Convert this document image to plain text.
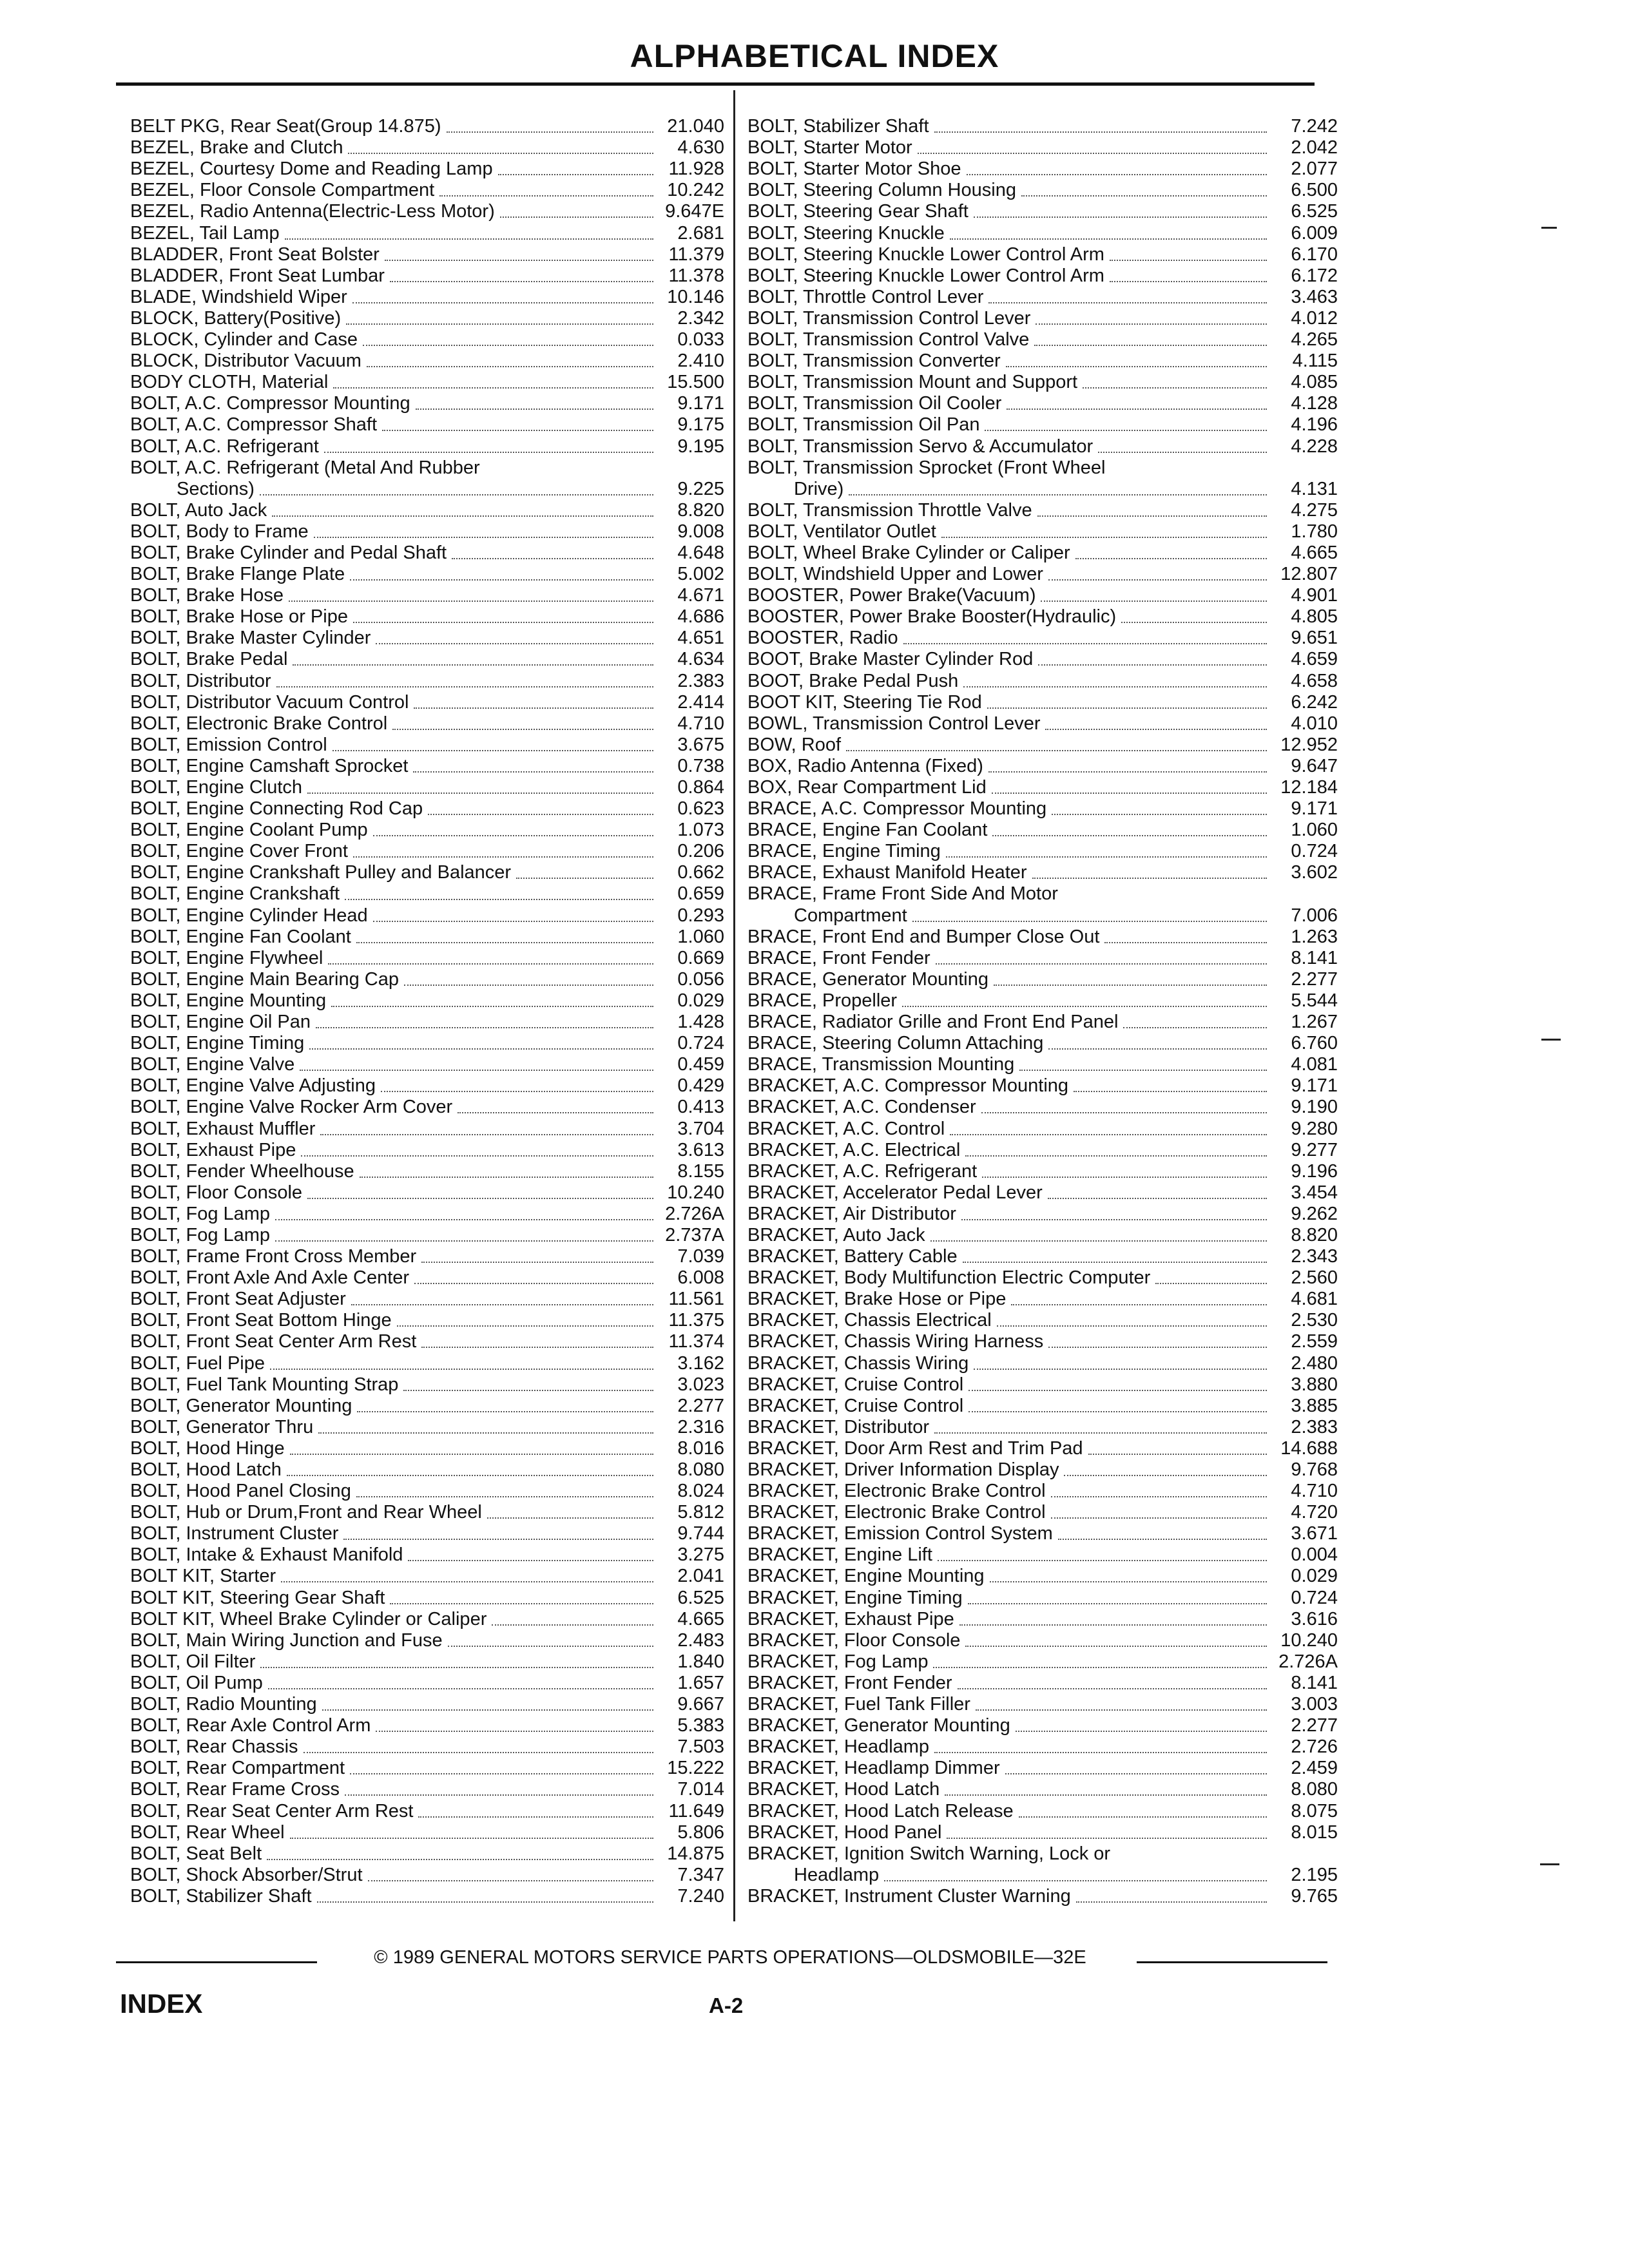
ALPHABETICAL INDEX
BELT PKG, Rear Seat(Group 14.875)	21.040
BEZEL, Brake and Clutch	4.630
BEZEL, Courtesy Dome and Reading Lamp	11.928
BEZEL, Floor Console Compartment	10.242
BEZEL, Radio Antenna(Electric-Less Motor)	9.647E
BEZEL, Tail Lamp	2.681
BLADDER, Front Seat Bolster	11.379
BLADDER, Front Seat Lumbar	11.378
BLADE, Windshield Wiper	10.146
BLOCK, Battery(Positive)	2.342
BLOCK, Cylinder and Case	0.033
BLOCK, Distributor Vacuum	2.410
BODY CLOTH, Material	15.500
BOLT, A.C. Compressor Mounting	9.171
BOLT, A.C. Compressor Shaft	9.175
BOLT, A.C. Refrigerant	9.195
BOLT, A.C. Refrigerant (Metal And Rubber
Sections)	9.225
BOLT, Auto Jack	8.820
BOLT, Body to Frame	9.008
BOLT, Brake Cylinder and Pedal Shaft	4.648
BOLT, Brake Flange Plate	5.002
BOLT, Brake Hose	4.671
BOLT, Brake Hose or Pipe	4.686
BOLT, Brake Master Cylinder	4.651
BOLT, Brake Pedal	4.634
BOLT, Distributor	2.383
BOLT, Distributor Vacuum Control	2.414
BOLT, Electronic Brake Control	4.710
BOLT, Emission Control	3.675
BOLT, Engine Camshaft Sprocket	0.738
BOLT, Engine Clutch	0.864
BOLT, Engine Connecting Rod Cap	0.623
BOLT, Engine Coolant Pump	1.073
BOLT, Engine Cover Front	0.206
BOLT, Engine Crankshaft Pulley and Balancer	0.662
BOLT, Engine Crankshaft	0.659
BOLT, Engine Cylinder Head	0.293
BOLT, Engine Fan Coolant	1.060
BOLT, Engine Flywheel	0.669
BOLT, Engine Main Bearing Cap	0.056
BOLT, Engine Mounting	0.029
BOLT, Engine Oil Pan	1.428
BOLT, Engine Timing	0.724
BOLT, Engine Valve	0.459
BOLT, Engine Valve Adjusting	0.429
BOLT, Engine Valve Rocker Arm Cover	0.413
BOLT, Exhaust Muffler	3.704
BOLT, Exhaust Pipe	3.613
BOLT, Fender Wheelhouse	8.155
BOLT, Floor Console	10.240
BOLT, Fog Lamp	2.726A
BOLT, Fog Lamp	2.737A
BOLT, Frame Front Cross Member	7.039
BOLT, Front Axle And Axle Center	6.008
BOLT, Front Seat Adjuster	11.561
BOLT, Front Seat Bottom Hinge	11.375
BOLT, Front Seat Center Arm Rest	11.374
BOLT, Fuel Pipe	3.162
BOLT, Fuel Tank Mounting Strap	3.023
BOLT, Generator Mounting	2.277
BOLT, Generator Thru	2.316
BOLT, Hood Hinge	8.016
BOLT, Hood Latch	8.080
BOLT, Hood Panel Closing	8.024
BOLT, Hub or Drum,Front and Rear Wheel	5.812
BOLT, Instrument Cluster	9.744
BOLT, Intake & Exhaust Manifold	3.275
BOLT KIT, Starter	2.041
BOLT KIT, Steering Gear Shaft	6.525
BOLT KIT, Wheel Brake Cylinder or Caliper	4.665
BOLT, Main Wiring Junction and Fuse	2.483
BOLT, Oil Filter	1.840
BOLT, Oil Pump	1.657
BOLT, Radio Mounting	9.667
BOLT, Rear Axle Control Arm	5.383
BOLT, Rear Chassis	7.503
BOLT, Rear Compartment	15.222
BOLT, Rear Frame Cross	7.014
BOLT, Rear Seat Center Arm Rest	11.649
BOLT, Rear Wheel	5.806
BOLT, Seat Belt	14.875
BOLT, Shock Absorber/Strut	7.347
BOLT, Stabilizer Shaft	7.240
BOLT, Stabilizer Shaft	7.242
BOLT, Starter Motor	2.042
BOLT, Starter Motor Shoe	2.077
BOLT, Steering Column Housing	6.500
BOLT, Steering Gear Shaft	6.525
BOLT, Steering Knuckle	6.009
BOLT, Steering Knuckle Lower Control Arm	6.170
BOLT, Steering Knuckle Lower Control Arm	6.172
BOLT, Throttle Control Lever	3.463
BOLT, Transmission Control Lever	4.012
BOLT, Transmission Control Valve	4.265
BOLT, Transmission Converter	4.115
BOLT, Transmission Mount and Support	4.085
BOLT, Transmission Oil Cooler	4.128
BOLT, Transmission Oil Pan	4.196
BOLT, Transmission Servo & Accumulator	4.228
BOLT, Transmission Sprocket (Front Wheel
Drive)	4.131
BOLT, Transmission Throttle Valve	4.275
BOLT, Ventilator Outlet	1.780
BOLT, Wheel Brake Cylinder or Caliper	4.665
BOLT, Windshield Upper and Lower	12.807
BOOSTER, Power Brake(Vacuum)	4.901
BOOSTER, Power Brake Booster(Hydraulic)	4.805
BOOSTER, Radio	9.651
BOOT, Brake Master Cylinder Rod	4.659
BOOT, Brake Pedal Push	4.658
BOOT KIT, Steering Tie Rod	6.242
BOWL, Transmission Control Lever	4.010
BOW, Roof	12.952
BOX, Radio Antenna (Fixed)	9.647
BOX, Rear Compartment Lid	12.184
BRACE, A.C. Compressor Mounting	9.171
BRACE, Engine Fan Coolant	1.060
BRACE, Engine Timing	0.724
BRACE, Exhaust Manifold Heater	3.602
BRACE, Frame Front Side And Motor
Compartment	7.006
BRACE, Front End and Bumper Close Out	1.263
BRACE, Front Fender	8.141
BRACE, Generator Mounting	2.277
BRACE, Propeller	5.544
BRACE, Radiator Grille and Front End Panel	1.267
BRACE, Steering Column Attaching	6.760
BRACE, Transmission Mounting	4.081
BRACKET, A.C. Compressor Mounting	9.171
BRACKET, A.C. Condenser	9.190
BRACKET, A.C. Control	9.280
BRACKET, A.C. Electrical	9.277
BRACKET, A.C. Refrigerant	9.196
BRACKET, Accelerator Pedal Lever	3.454
BRACKET, Air Distributor	9.262
BRACKET, Auto Jack	8.820
BRACKET, Battery Cable	2.343
BRACKET, Body Multifunction Electric Computer	2.560
BRACKET, Brake Hose or Pipe	4.681
BRACKET, Chassis Electrical	2.530
BRACKET, Chassis Wiring Harness	2.559
BRACKET, Chassis Wiring	2.480
BRACKET, Cruise Control	3.880
BRACKET, Cruise Control	3.885
BRACKET, Distributor	2.383
BRACKET, Door Arm Rest and Trim Pad	14.688
BRACKET, Driver Information Display	9.768
BRACKET, Electronic Brake Control	4.710
BRACKET, Electronic Brake Control	4.720
BRACKET, Emission Control System	3.671
BRACKET, Engine Lift	0.004
BRACKET, Engine Mounting	0.029
BRACKET, Engine Timing	0.724
BRACKET, Exhaust Pipe	3.616
BRACKET, Floor Console	10.240
BRACKET, Fog Lamp	2.726A
BRACKET, Front Fender	8.141
BRACKET, Fuel Tank Filler	3.003
BRACKET, Generator Mounting	2.277
BRACKET, Headlamp	2.726
BRACKET, Headlamp Dimmer	2.459
BRACKET, Hood Latch	8.080
BRACKET, Hood Latch Release	8.075
BRACKET, Hood Panel	8.015
BRACKET, Ignition Switch Warning, Lock or
Headlamp	2.195
BRACKET, Instrument Cluster Warning	9.765
© 1989 GENERAL MOTORS SERVICE PARTS OPERATIONS—OLDSMOBILE—32E
INDEX	A-2
